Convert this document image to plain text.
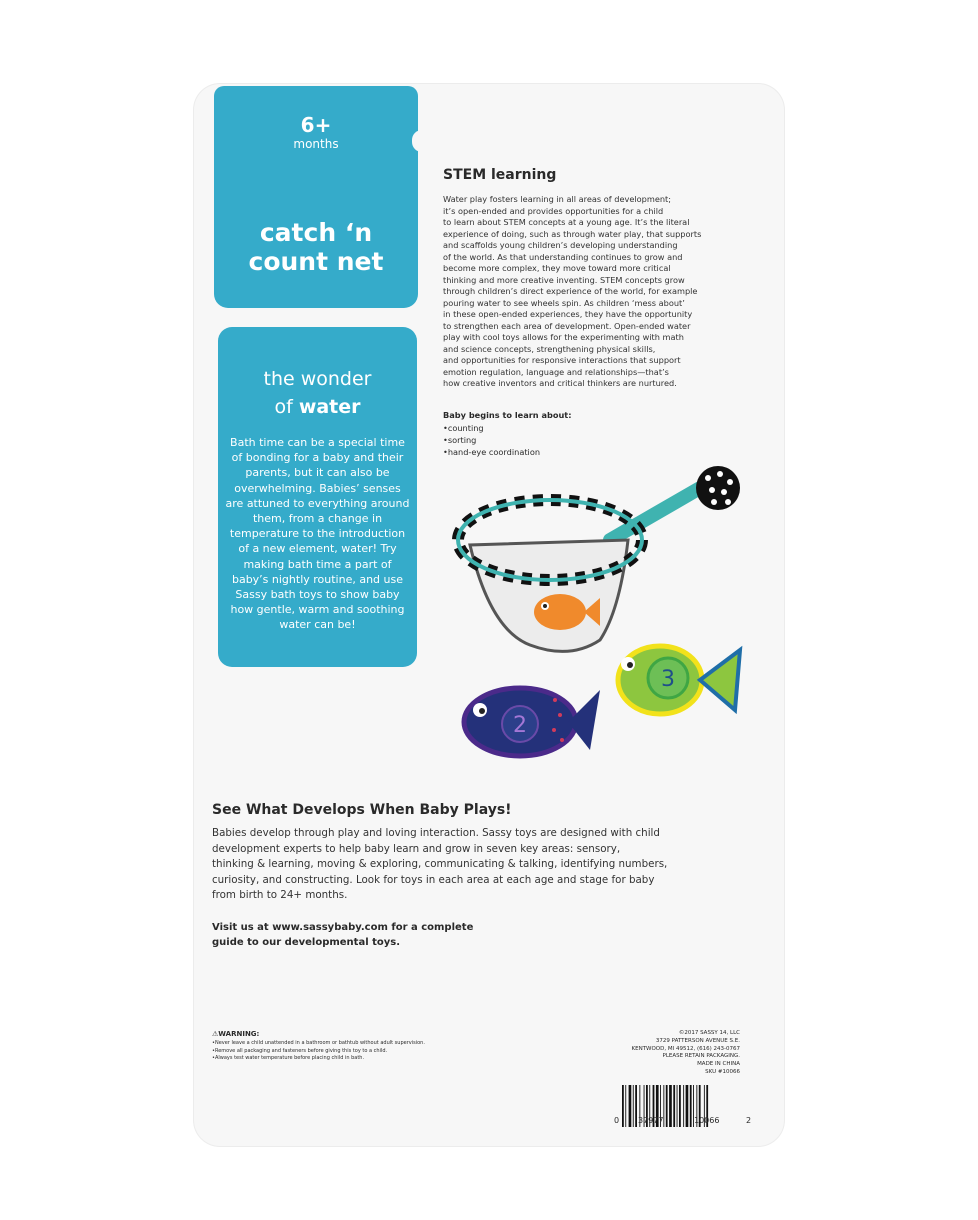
6+
months
catch ‘n
count net
the wonder
of water
Bath time can be a special time of bonding for a baby and their parents, but it can also be overwhelming. Babies’ senses are attuned to everything around them, from a change in temperature to the introduction of a new element, water! Try making bath time a part of baby’s nightly routine, and use Sassy bath toys to show baby how gentle, warm and soothing water can be!
STEM learning
Water play fosters learning in all areas of development;
it’s open-ended and provides opportunities for a child
to learn about STEM concepts at a young age. It’s the literal
experience of doing, such as through water play, that supports
and scaffolds young children’s developing understanding
of the world. As that understanding continues to grow and
become more complex, they move toward more critical
thinking and more creative inventing. STEM concepts grow
through children’s direct experience of the world, for example
pouring water to see wheels spin. As children ‘mess about’
in these open-ended experiences, they have the opportunity
to strengthen each area of development. Open-ended water
play with cool toys allows for the experimenting with math
and science concepts, strengthening physical skills,
and opportunities for responsive interactions that support
emotion regulation, language and relationships—that’s
how creative inventors and critical thinkers are nurtured.
Baby begins to learn about:
• counting
• sorting
• hand-eye coordination
3
2
See What Develops When Baby Plays!
Babies develop through play and loving interaction. Sassy toys are designed with child
development experts to help baby learn and grow in seven key areas: sensory,
thinking & learning, moving & exploring, communicating & talking, identifying numbers,
curiosity, and constructing. Look for toys in each area at each age and stage for baby
from birth to 24+ months.
Visit us at www.sassybaby.com for a complete
guide to our developmental toys.
⚠WARNING:
• Never leave a child unattended in a bathroom or bathtub without adult supervision.
• Remove all packaging and fasteners before giving this toy to a child.
• Always test water temperature before placing child in bath.
©2017 SASSY 14, LLC
3729 PATTERSON AVENUE S.E.
KENTWOOD, MI 49512, (616) 243-0767
PLEASE RETAIN PACKAGING.
MADE IN CHINA
SKU #10066
0 37977	10066	2
